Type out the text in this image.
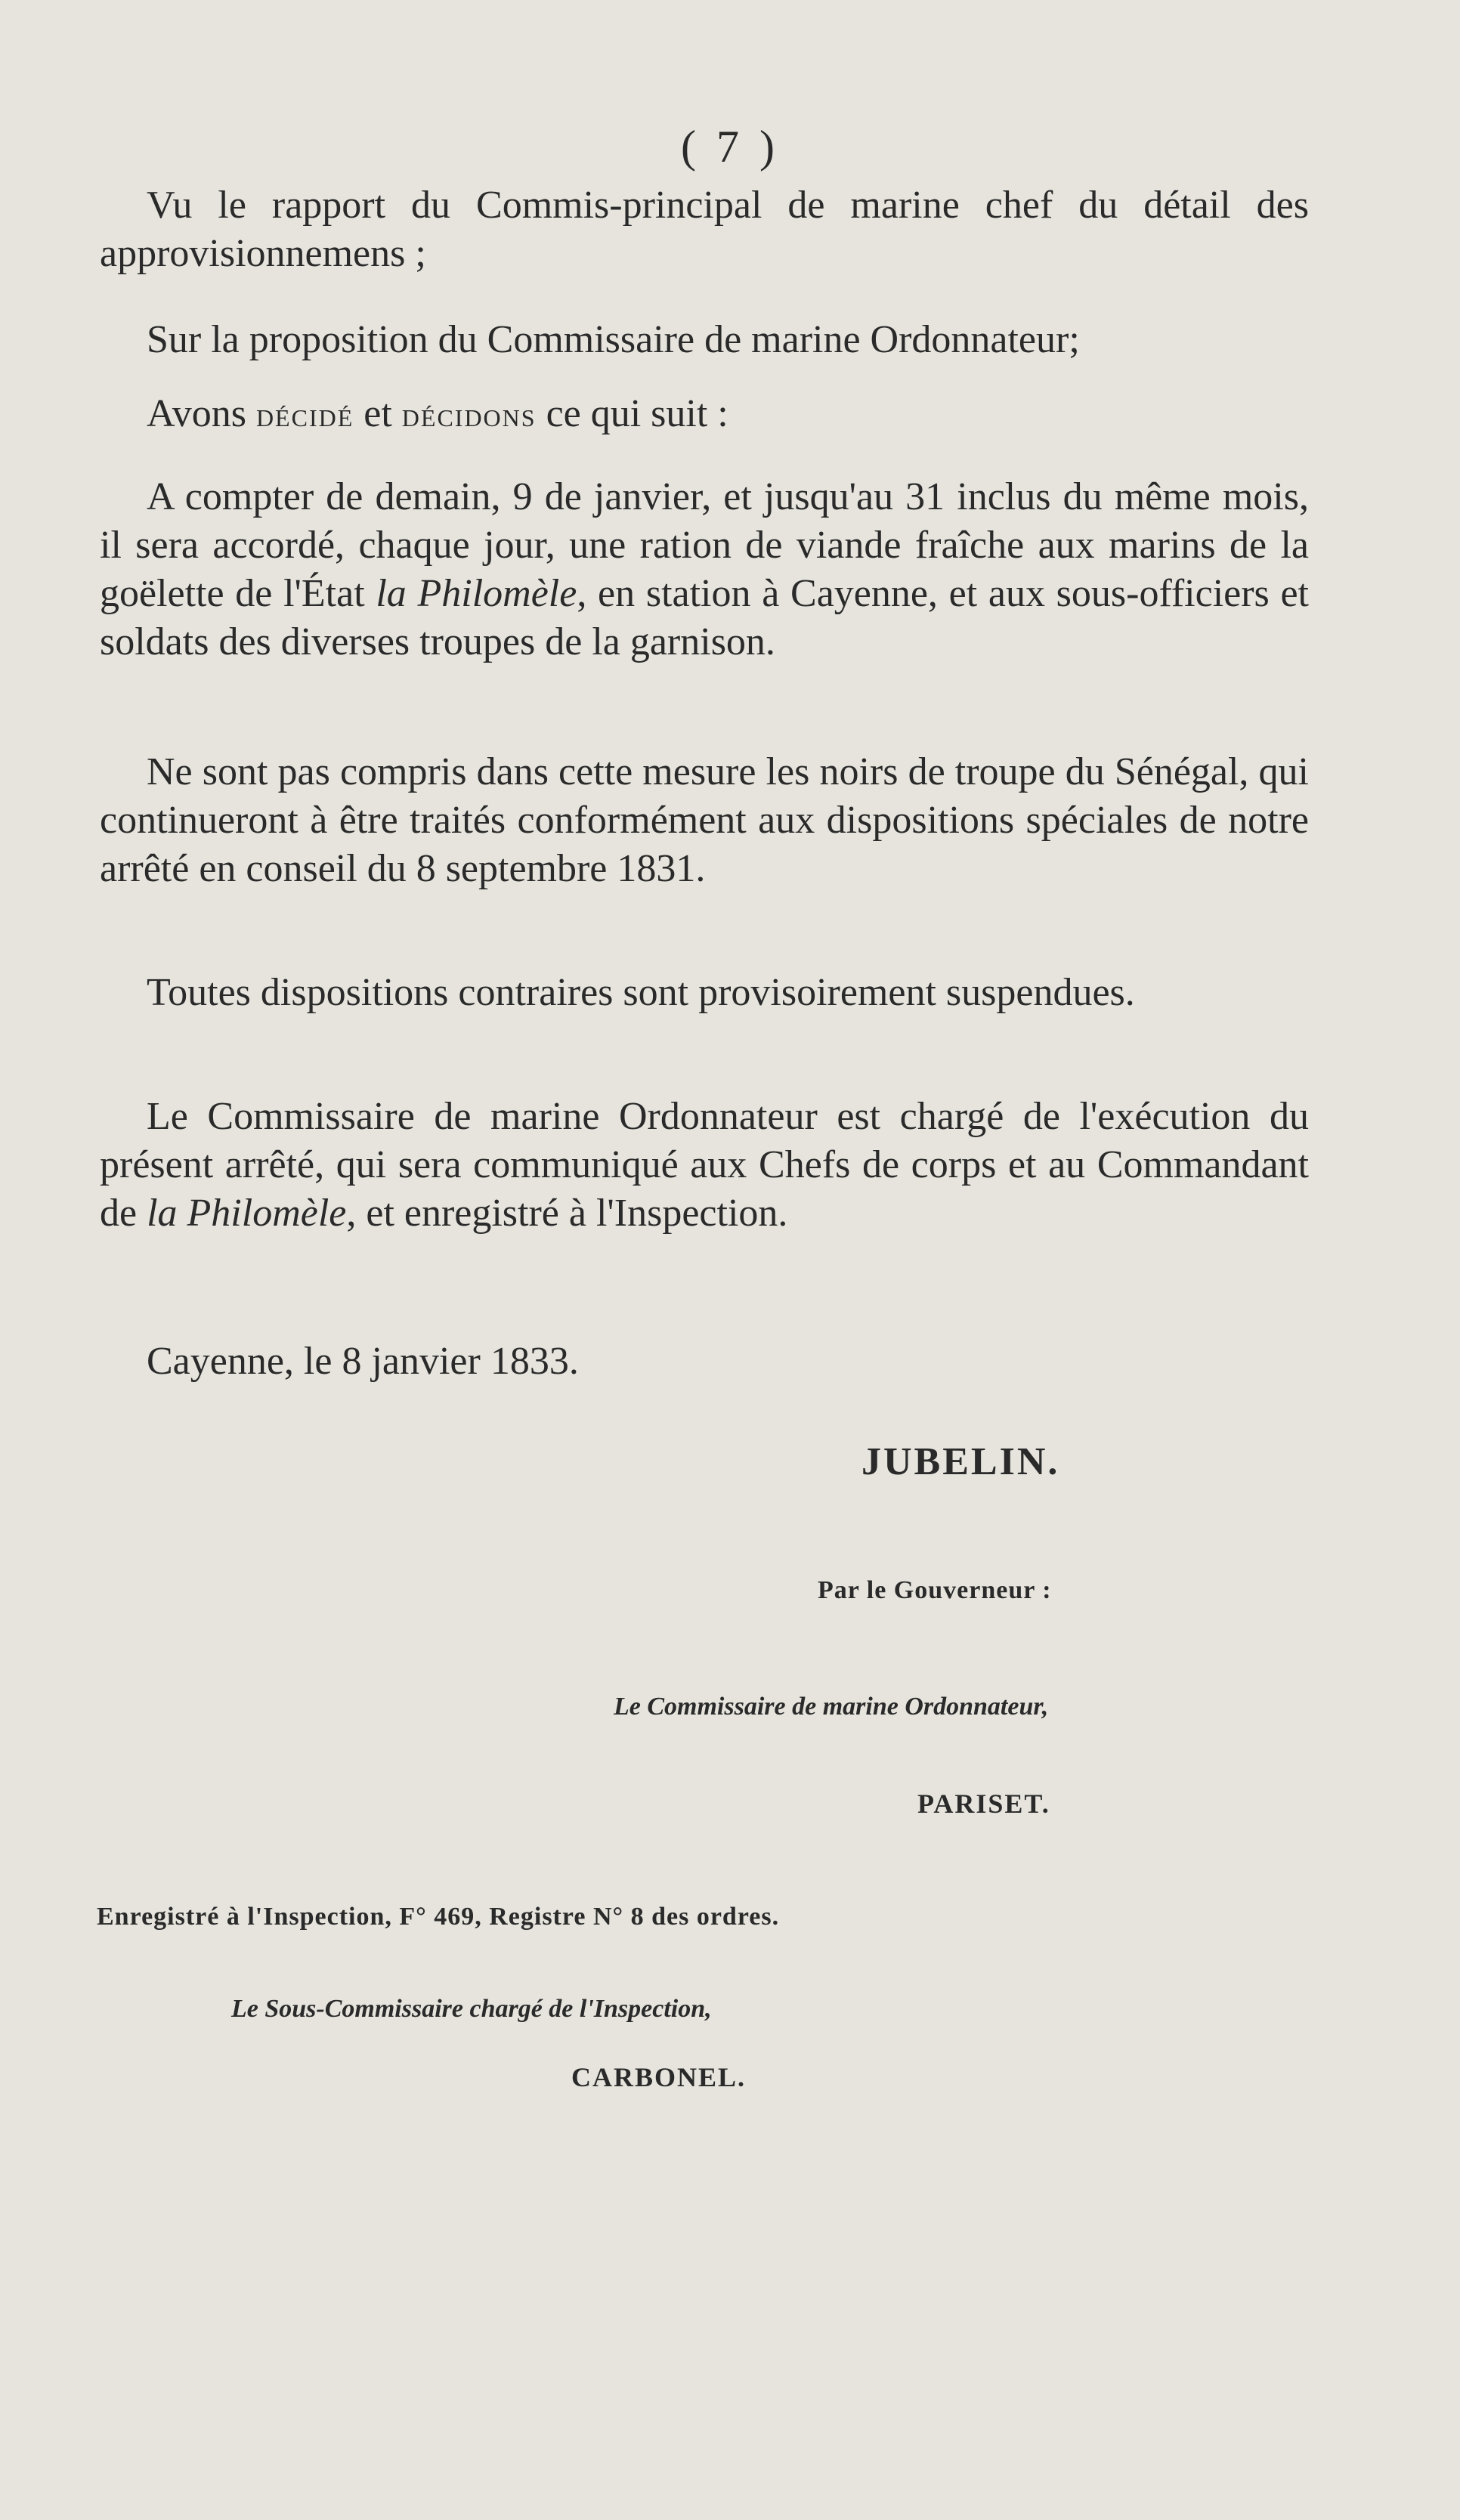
( 7 )

Vu le rapport du Commis-principal de marine chef du détail des approvisionnemens ;

Sur la proposition du Commissaire de marine Ordonnateur;

Avons décidé et décidons ce qui suit :

A compter de demain, 9 de janvier, et jusqu'au 31 inclus du même mois, il sera accordé, chaque jour, une ration de viande fraîche aux marins de la goëlette de l'État la Philomèle, en station à Cayenne, et aux sous-officiers et soldats des diverses troupes de la garnison.

Ne sont pas compris dans cette mesure les noirs de troupe du Sénégal, qui continueront à être traités conformément aux dispositions spéciales de notre arrêté en conseil du 8 septembre 1831.

Toutes dispositions contraires sont provisoirement suspendues.

Le Commissaire de marine Ordonnateur est chargé de l'exécution du présent arrêté, qui sera communiqué aux Chefs de corps et au Commandant de la Philomèle, et enregistré à l'Inspection.

Cayenne, le 8 janvier 1833.

JUBELIN.
Par le Gouverneur :
Le Commissaire de marine Ordonnateur,
PARISET.
Enregistré à l'Inspection, F° 469, Registre N° 8 des ordres.
Le Sous-Commissaire chargé de l'Inspection,
CARBONEL.
